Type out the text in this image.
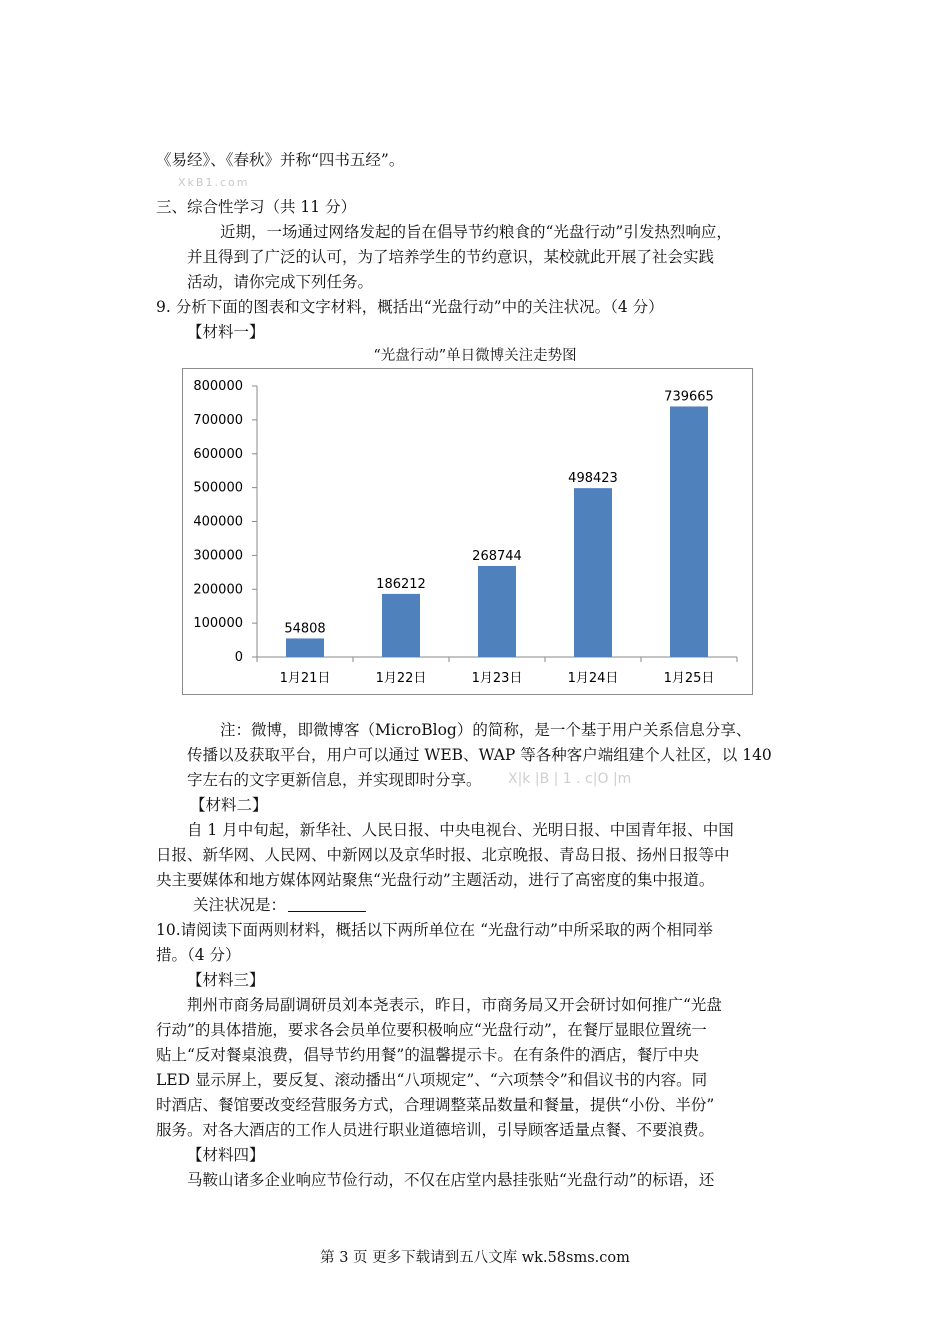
《易经》、《春秋》并称“四书五经”。
XkB1.com
三、综合性学习（共 11 分）
近期，一场通过网络发起的旨在倡导节约粮食的“光盘行动”引发热烈响应，
并且得到了广泛的认可，为了培养学生的节约意识，某校就此开展了社会实践
活动，请你完成下列任务。
9. 分析下面的图表和文字材料，概括出“光盘行动”中的关注状况。（4 分）
【材料一】
“光盘行动”单日微博关注走势图
0
100000
200000
300000
400000
500000
600000
700000
800000
54808
1月21日
186212
1月22日
268744
1月23日
498423
1月24日
739665
1月25日
注：微博，即微博客（MicroBlog）的简称，是一个基于用户关系信息分享、
传播以及获取平台，用户可以通过 WEB、WAP 等各种客户端组建个人社区，以 140
字左右的文字更新信息，并实现即时分享。 X|k |B | 1 . c|O |m
【材料二】
自 1 月中旬起，新华社、人民日报、中央电视台、光明日报、中国青年报、中国
日报、新华网、人民网、中新网以及京华时报、北京晚报、青岛日报、扬州日报等中
央主要媒体和地方媒体网站聚焦“光盘行动”主题活动，进行了高密度的集中报道。
关注状况是：
10.请阅读下面两则材料，概括以下两所单位在 “光盘行动”中所采取的两个相同举
措。（4 分）
【材料三】
荆州市商务局副调研员刘本尧表示，昨日，市商务局又开会研讨如何推广“光盘
行动”的具体措施，要求各会员单位要积极响应“光盘行动”，在餐厅显眼位置统一
贴上“反对餐桌浪费，倡导节约用餐”的温馨提示卡。在有条件的酒店，餐厅中央
LED 显示屏上，要反复、滚动播出“八项规定”、“六项禁令”和倡议书的内容。同
时酒店、餐馆要改变经营服务方式，合理调整菜品数量和餐量，提供“小份、半份”
服务。对各大酒店的工作人员进行职业道德培训，引导顾客适量点餐、不要浪费。
【材料四】
马鞍山诸多企业响应节俭行动，不仅在店堂内悬挂张贴“光盘行动”的标语，还
第 3 页 更多下载请到五八文库 wk.58sms.com
